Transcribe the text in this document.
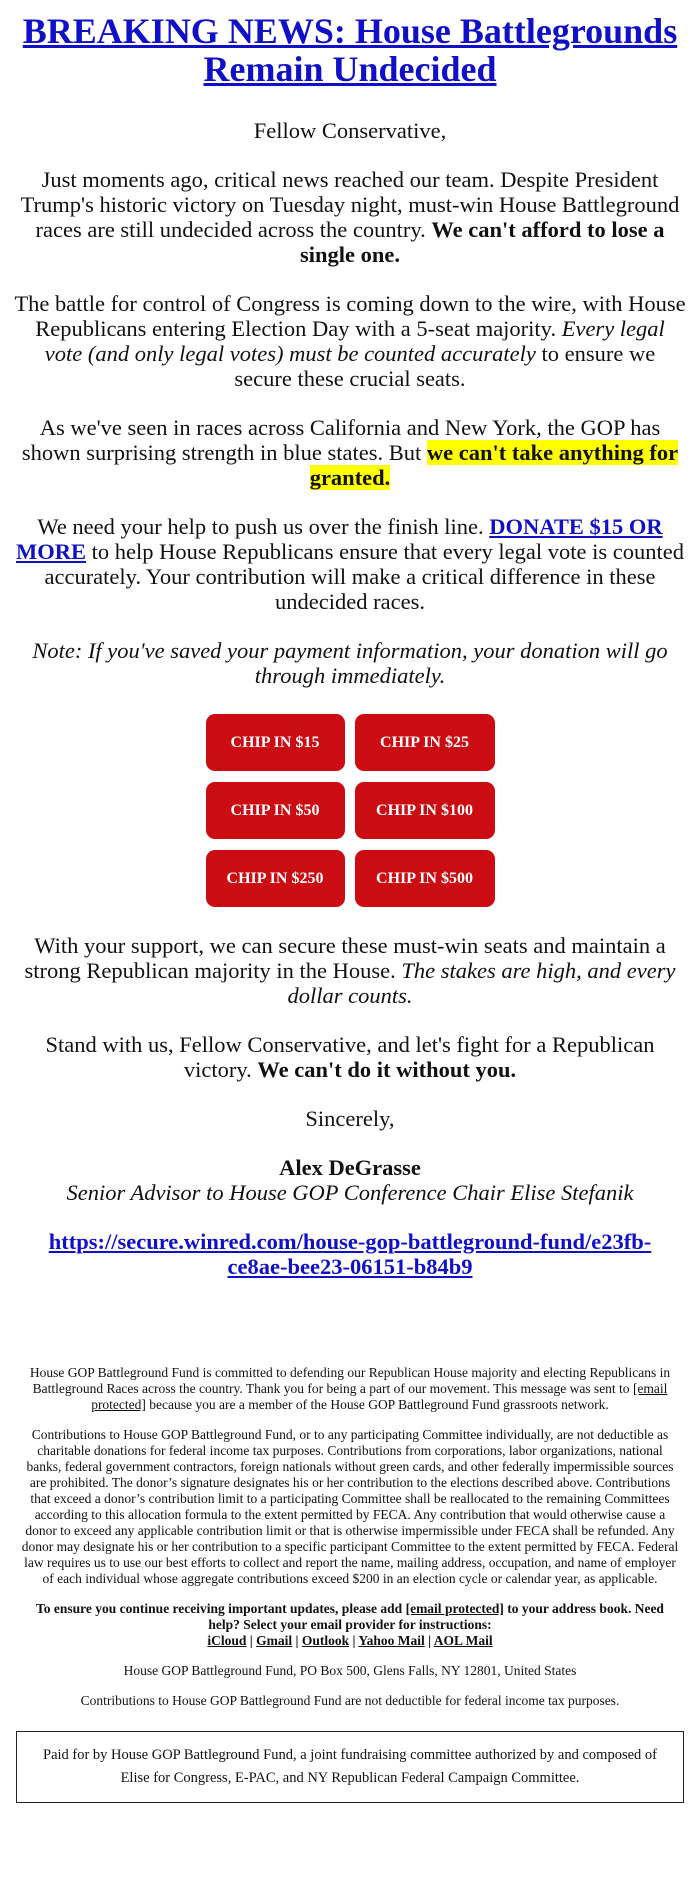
BREAKING NEWS: House Battlegrounds Remain Undecided

Fellow Conservative,

Just moments ago, critical news reached our team. Despite President Trump's historic victory on Tuesday night, must-win House Battleground races are still undecided across the country. We can't afford to lose a single one.

The battle for control of Congress is coming down to the wire, with House Republicans entering Election Day with a 5-seat majority. Every legal vote (and only legal votes) must be counted accurately to ensure we secure these crucial seats.

As we've seen in races across California and New York, the GOP has shown surprising strength in blue states. But we can't take anything for granted.

We need your help to push us over the finish line. DONATE $15 OR MORE to help House Republicans ensure that every legal vote is counted accurately. Your contribution will make a critical difference in these undecided races.

Note: If you've saved your payment information, your donation will go through immediately.

CHIP IN $15	CHIP IN $25
CHIP IN $50	CHIP IN $100
CHIP IN $250	CHIP IN $500

With your support, we can secure these must-win seats and maintain a strong Republican majority in the House. The stakes are high, and every dollar counts.

Stand with us, Fellow Conservative, and let's fight for a Republican victory. We can't do it without you.

Sincerely,

Alex DeGrasse
Senior Advisor to House GOP Conference Chair Elise Stefanik

https://secure.winred.com/house-gop-battleground-fund/e23fb-ce8ae-bee23-06151-b84b9

House GOP Battleground Fund is committed to defending our Republican House majority and electing Republicans in Battleground Races across the country. Thank you for being a part of our movement. This message was sent to [email protected] because you are a member of the House GOP Battleground Fund grassroots network.

Contributions to House GOP Battleground Fund, or to any participating Committee individually, are not deductible as charitable donations for federal income tax purposes. Contributions from corporations, labor organizations, national banks, federal government contractors, foreign nationals without green cards, and other federally impermissible sources are prohibited. The donor’s signature designates his or her contribution to the elections described above. Contributions that exceed a donor’s contribution limit to a participating Committee shall be reallocated to the remaining Committees according to this allocation formula to the extent permitted by FECA. Any contribution that would otherwise cause a donor to exceed any applicable contribution limit or that is otherwise impermissible under FECA shall be refunded. Any donor may designate his or her contribution to a specific participant Committee to the extent permitted by FECA. Federal law requires us to use our best efforts to collect and report the name, mailing address, occupation, and name of employer of each individual whose aggregate contributions exceed $200 in an election cycle or calendar year, as applicable.

To ensure you continue receiving important updates, please add [email protected] to your address book. Need help? Select your email provider for instructions:
iCloud | Gmail | Outlook | Yahoo Mail | AOL Mail

House GOP Battleground Fund, PO Box 500, Glens Falls, NY 12801, United States

Contributions to House GOP Battleground Fund are not deductible for federal income tax purposes.

Paid for by House GOP Battleground Fund, a joint fundraising committee authorized by and composed of Elise for Congress, E-PAC, and NY Republican Federal Campaign Committee.
